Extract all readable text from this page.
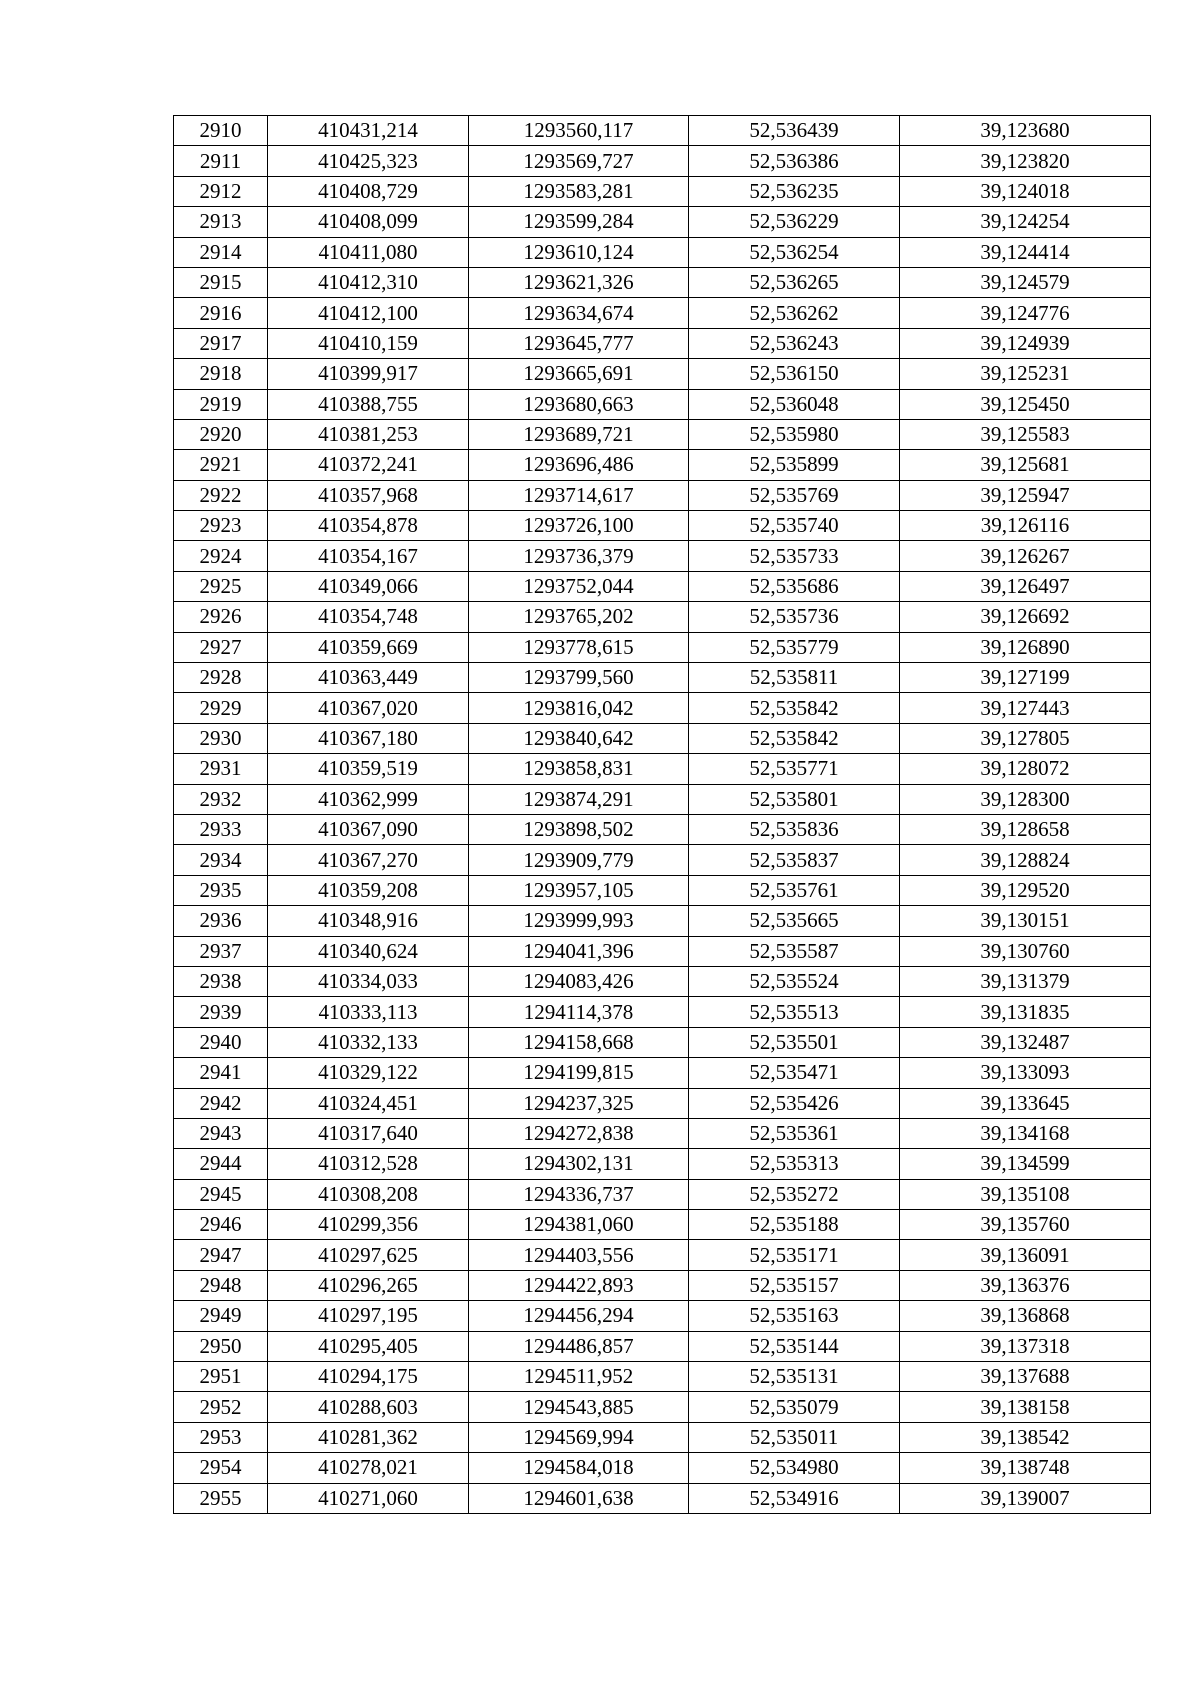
2910	410431,214	1293560,117	52,536439	39,123680
2911	410425,323	1293569,727	52,536386	39,123820
2912	410408,729	1293583,281	52,536235	39,124018
2913	410408,099	1293599,284	52,536229	39,124254
2914	410411,080	1293610,124	52,536254	39,124414
2915	410412,310	1293621,326	52,536265	39,124579
2916	410412,100	1293634,674	52,536262	39,124776
2917	410410,159	1293645,777	52,536243	39,124939
2918	410399,917	1293665,691	52,536150	39,125231
2919	410388,755	1293680,663	52,536048	39,125450
2920	410381,253	1293689,721	52,535980	39,125583
2921	410372,241	1293696,486	52,535899	39,125681
2922	410357,968	1293714,617	52,535769	39,125947
2923	410354,878	1293726,100	52,535740	39,126116
2924	410354,167	1293736,379	52,535733	39,126267
2925	410349,066	1293752,044	52,535686	39,126497
2926	410354,748	1293765,202	52,535736	39,126692
2927	410359,669	1293778,615	52,535779	39,126890
2928	410363,449	1293799,560	52,535811	39,127199
2929	410367,020	1293816,042	52,535842	39,127443
2930	410367,180	1293840,642	52,535842	39,127805
2931	410359,519	1293858,831	52,535771	39,128072
2932	410362,999	1293874,291	52,535801	39,128300
2933	410367,090	1293898,502	52,535836	39,128658
2934	410367,270	1293909,779	52,535837	39,128824
2935	410359,208	1293957,105	52,535761	39,129520
2936	410348,916	1293999,993	52,535665	39,130151
2937	410340,624	1294041,396	52,535587	39,130760
2938	410334,033	1294083,426	52,535524	39,131379
2939	410333,113	1294114,378	52,535513	39,131835
2940	410332,133	1294158,668	52,535501	39,132487
2941	410329,122	1294199,815	52,535471	39,133093
2942	410324,451	1294237,325	52,535426	39,133645
2943	410317,640	1294272,838	52,535361	39,134168
2944	410312,528	1294302,131	52,535313	39,134599
2945	410308,208	1294336,737	52,535272	39,135108
2946	410299,356	1294381,060	52,535188	39,135760
2947	410297,625	1294403,556	52,535171	39,136091
2948	410296,265	1294422,893	52,535157	39,136376
2949	410297,195	1294456,294	52,535163	39,136868
2950	410295,405	1294486,857	52,535144	39,137318
2951	410294,175	1294511,952	52,535131	39,137688
2952	410288,603	1294543,885	52,535079	39,138158
2953	410281,362	1294569,994	52,535011	39,138542
2954	410278,021	1294584,018	52,534980	39,138748
2955	410271,060	1294601,638	52,534916	39,139007
